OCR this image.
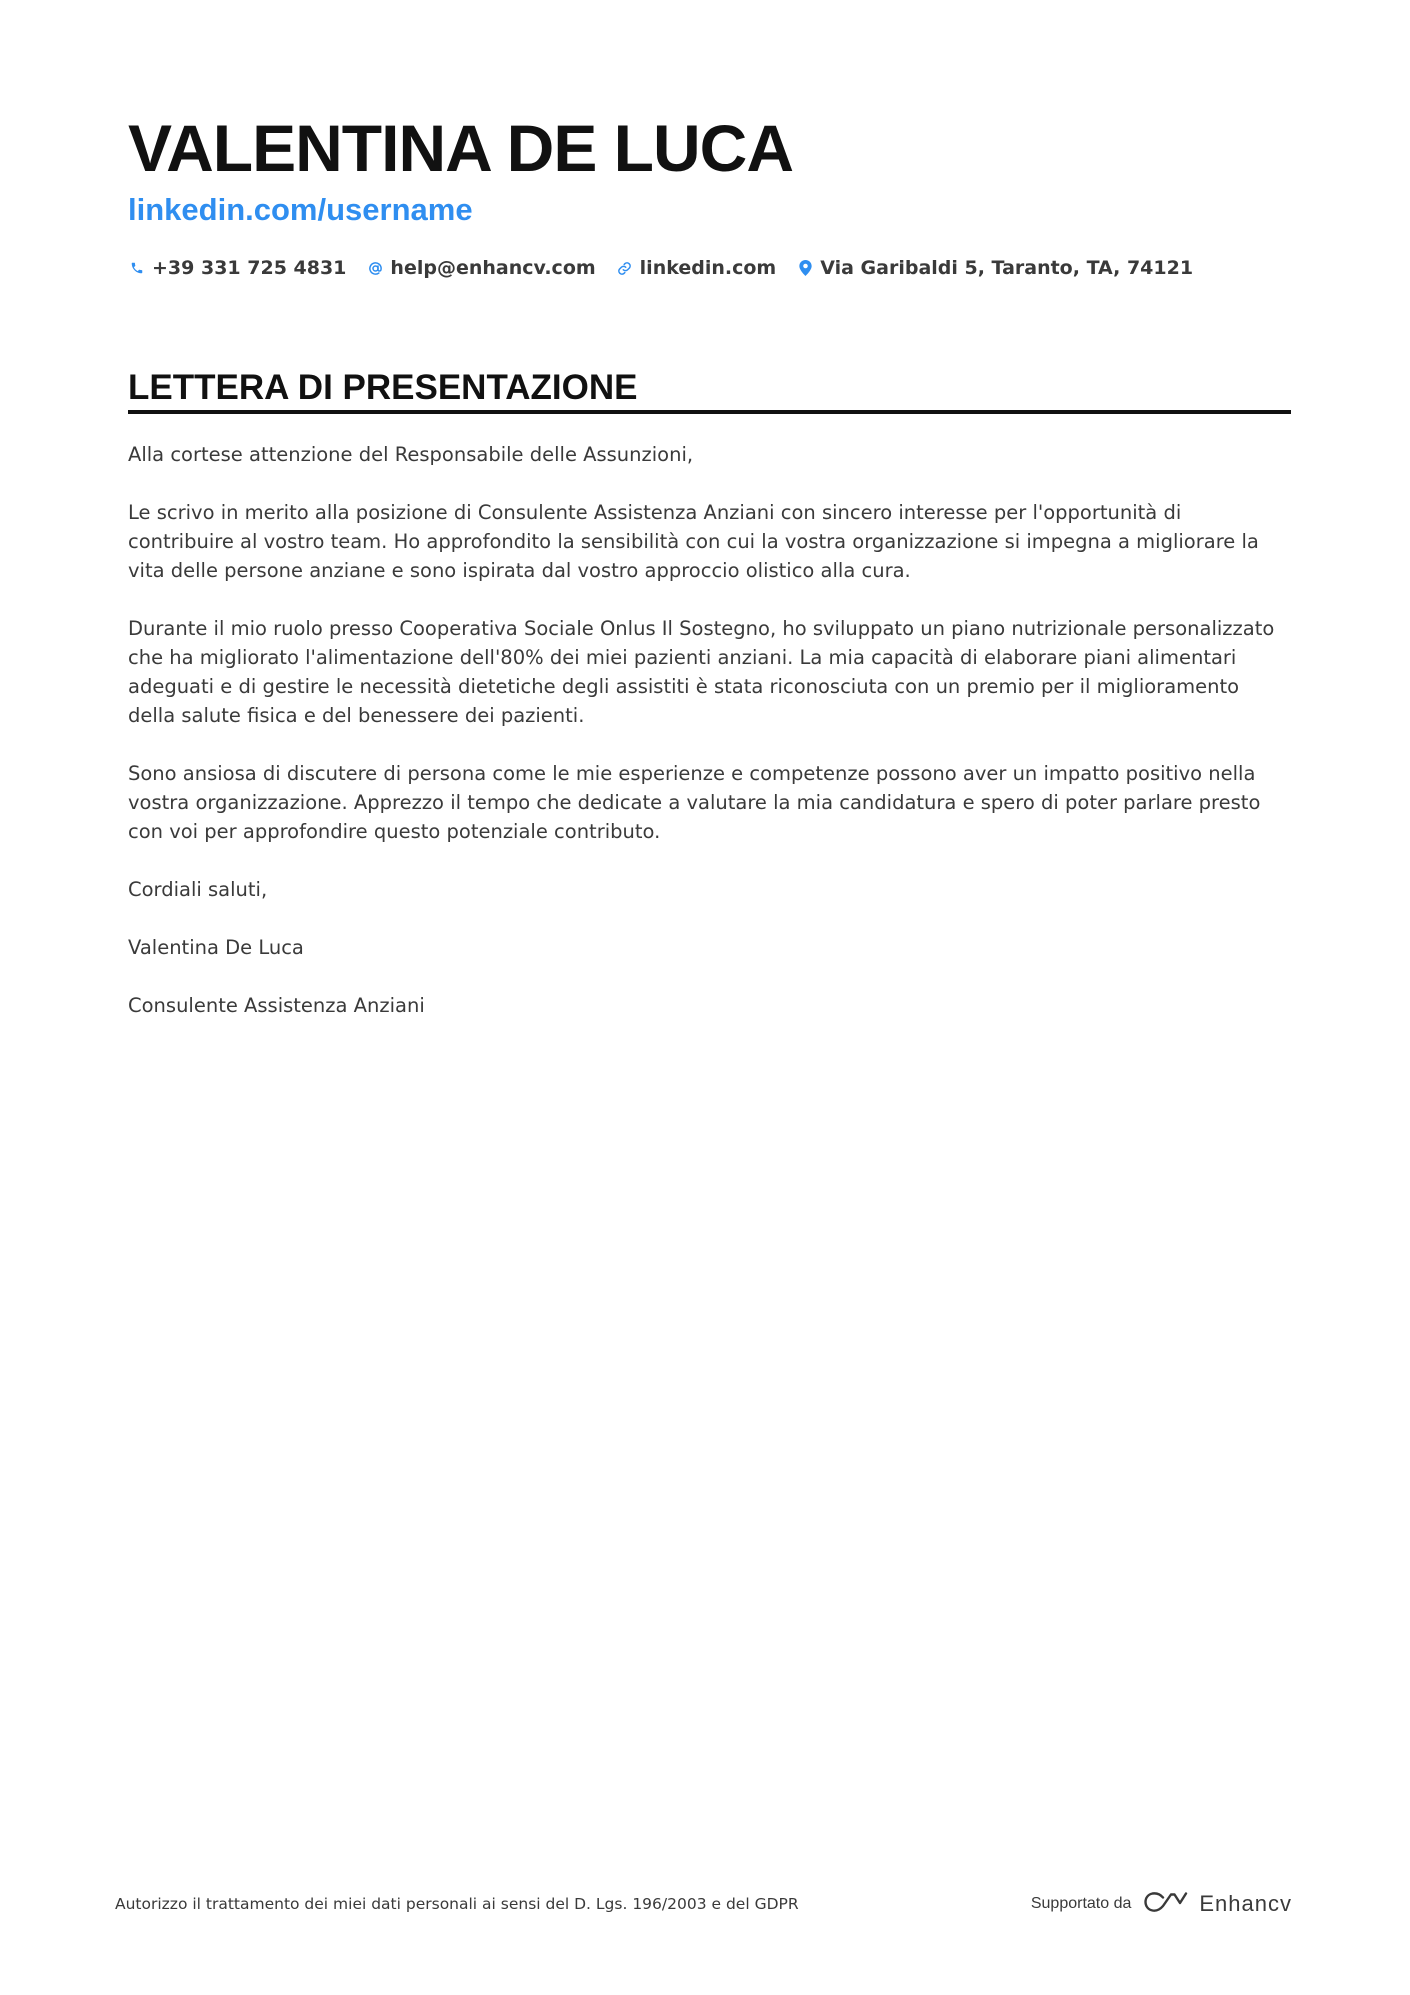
VALENTINA DE LUCA
linkedin.com/username
+39 331 725 4831 help@enhancv.com linkedin.com Via Garibaldi 5, Taranto, TA, 74121
LETTERA DI PRESENTAZIONE

Alla cortese attenzione del Responsabile delle Assunzioni,

Le scrivo in merito alla posizione di Consulente Assistenza Anziani con sincero interesse per l'opportunità di contribuire al vostro team. Ho approfondito la sensibilità con cui la vostra organizzazione si impegna a migliorare la vita delle persone anziane e sono ispirata dal vostro approccio olistico alla cura.

Durante il mio ruolo presso Cooperativa Sociale Onlus Il Sostegno, ho sviluppato un piano nutrizionale personalizzato che ha migliorato l'alimentazione dell'80% dei miei pazienti anziani. La mia capacità di elaborare piani alimentari adeguati e di gestire le necessità dietetiche degli assistiti è stata riconosciuta con un premio per il miglioramento della salute fisica e del benessere dei pazienti.

Sono ansiosa di discutere di persona come le mie esperienze e competenze possono aver un impatto positivo nella vostra organizzazione. Apprezzo il tempo che dedicate a valutare la mia candidatura e spero di poter parlare presto con voi per approfondire questo potenziale contributo.

Cordiali saluti,

Valentina De Luca

Consulente Assistenza Anziani

Autorizzo il trattamento dei miei dati personali ai sensi del D. Lgs. 196/2003 e del GDPR	Supportato da	Enhancv
